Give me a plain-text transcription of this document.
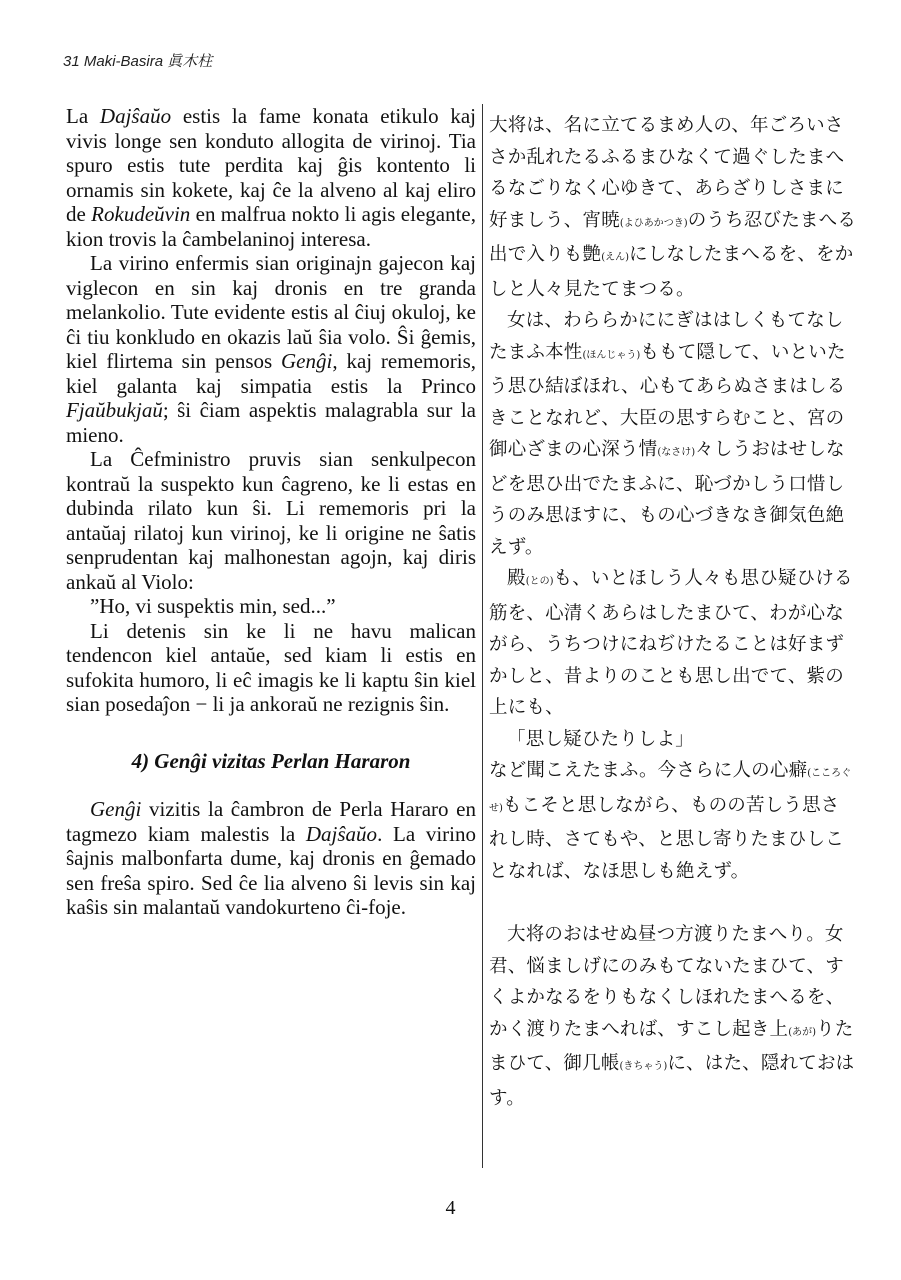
31 Maki-Basira 眞木柱

La Dajŝaŭo estis la fame konata etikulo kaj vivis longe sen konduto allogita de virinoj. Tia spuro estis tute perdita kaj ĝis kontento li ornamis sin kokete, kaj ĉe la alveno al kaj eliro de Rokudeŭvin en malfrua nokto li agis elegante, kion trovis la ĉambelaninoj interesa.

La virino enfermis sian originajn gajecon kaj viglecon en sin kaj dronis en tre granda melankolio. Tute evidente estis al ĉiuj okuloj, ke ĉi tiu konkludo en okazis laŭ ŝia volo. Ŝi ĝemis, kiel flirtema sin pensos Genĝi, kaj rememoris, kiel galanta kaj simpatia estis la Princo Fjaŭbukjaŭ; ŝi ĉiam aspektis malagrabla sur la mieno.

La Ĉefministro pruvis sian senkulpecon kontraŭ la suspekto kun ĉagreno, ke li estas en dubinda rilato kun ŝi. Li rememoris pri la antaŭaj rilatoj kun virinoj, ke li origine ne ŝatis senprudentan kaj malhonestan agojn, kaj diris ankaŭ al Violo:

”Ho, vi suspektis min, sed...”

Li detenis sin ke li ne havu malican tendencon kiel antaŭe, sed kiam li estis en sufokita humoro, li eĉ imagis ke li kaptu ŝin kiel sian posedaĵon − li ja ankoraŭ ne rezignis ŝin.

4) Genĝi vizitas Perlan Hararon

Genĝi vizitis la ĉambron de Perla Hararo en tagmezo kiam malestis la Dajŝaŭo. La virino ŝajnis malbonfarta dume, kaj dronis en ĝemado sen freŝa spiro. Sed ĉe lia alveno ŝi levis sin kaj kaŝis sin malantaŭ vandokurteno ĉi-foje.

大将は、名に立てるまめ人の、年ごろいささか乱れたるふるまひなくて過ぐしたまへるなごりなく心ゆきて、あらざりしさまに好ましう、宵暁(よひあかつき)のうち忍びたまへる出で入りも艶(えん)にしなしたまへるを、をかしと人々見たてまつる。

女は、わららかににぎははしくもてなしたまふ本性(ほんじゃう)ももて隠して、いといたう思ひ結ぼほれ、心もてあらぬさまはしるきことなれど、大臣の思すらむこと、宮の御心ざまの心深う情(なさけ)々しうおはせしなどを思ひ出でたまふに、恥づかしう口惜しうのみ思ほすに、もの心づきなき御気色絶えず。

殿(との)も、いとほしう人々も思ひ疑ひける筋を、心清くあらはしたまひて、わが心ながら、うちつけにねぢけたることは好まずかしと、昔よりのことも思し出でて、紫の上にも、

「思し疑ひたりしよ」

など聞こえたまふ。今さらに人の心癖(こころぐせ)もこそと思しながら、ものの苦しう思されし時、さてもや、と思し寄りたまひしことなれば、なほ思しも絶えず。

大将のおはせぬ昼つ方渡りたまへり。女君、悩ましげにのみもてないたまひて、すくよかなるをりもなくしほれたまへるを、かく渡りたまへれば、すこし起き上(あが)りたまひて、御几帳(きちゃう)に、はた、隠れておはす。

4
